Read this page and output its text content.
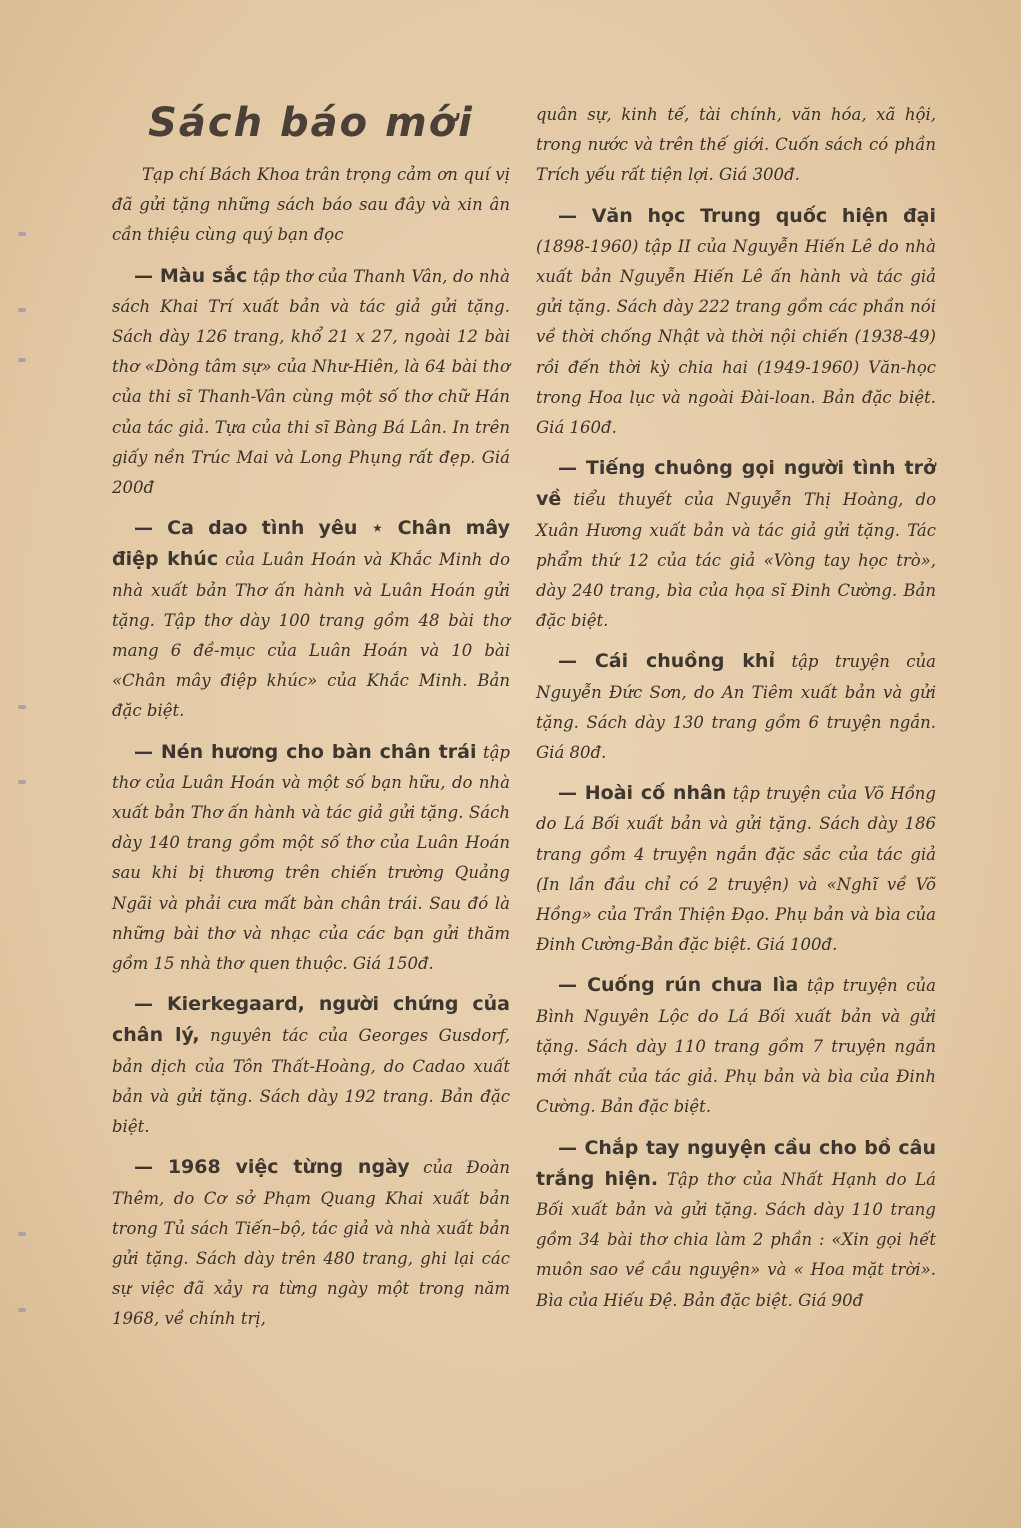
Sách báo mới

Tạp chí Bách Khoa trân trọng cảm ơn quí vị đã gửi tặng những sách báo sau đây và xin ân cần thiệu cùng quý bạn đọc

— Màu sắc tập thơ của Thanh Vân, do nhà sách Khai Trí xuất bản và tác giả gửi tặng. Sách dày 126 trang, khổ 21 x 27, ngoài 12 bài thơ «Dòng tâm sự» của Như-Hiên, là 64 bài thơ của thi sĩ Thanh-Vân cùng một số thơ chữ Hán của tác giả. Tựa của thi sĩ Bàng Bá Lân. In trên giấy nền Trúc Mai và Long Phụng rất đẹp. Giá 200đ

— Ca dao tình yêu ⋆ Chân mây điệp khúc của Luân Hoán và Khắc Minh do nhà xuất bản Thơ ấn hành và Luân Hoán gửi tặng. Tập thơ dày 100 trang gồm 48 bài thơ mang 6 đề-mục của Luân Hoán và 10 bài «Chân mây điệp khúc» của Khắc Minh. Bản đặc biệt.

— Nén hương cho bàn chân trái tập thơ của Luân Hoán và một số bạn hữu, do nhà xuất bản Thơ ấn hành và tác giả gửi tặng. Sách dày 140 trang gồm một số thơ của Luân Hoán sau khi bị thương trên chiến trường Quảng Ngãi và phải cưa mất bàn chân trái. Sau đó là những bài thơ và nhạc của các bạn gửi thăm gồm 15 nhà thơ quen thuộc. Giá 150đ.

— Kierkegaard, người chứng của chân lý, nguyên tác của Georges Gusdorf, bản dịch của Tôn Thất-Hoàng, do Cadao xuất bản và gửi tặng. Sách dày 192 trang. Bản đặc biệt.

— 1968 việc từng ngày của Đoàn Thêm, do Cơ sở Phạm Quang Khai xuất bản trong Tủ sách Tiến–bộ, tác giả và nhà xuất bản gửi tặng. Sách dày trên 480 trang, ghi lại các sự việc đã xảy ra từng ngày một trong năm 1968, về chính trị,

quân sự, kinh tế, tài chính, văn hóa, xã hội, trong nước và trên thế giới. Cuốn sách có phần Trích yếu rất tiện lợi. Giá 300đ.

— Văn học Trung quốc hiện đại (1898-1960) tập II của Nguyễn Hiến Lê do nhà xuất bản Nguyễn Hiến Lê ấn hành và tác giả gửi tặng. Sách dày 222 trang gồm các phần nói về thời chống Nhật và thời nội chiến (1938-49) rồi đến thời kỳ chia hai (1949-1960) Văn-học trong Hoa lục và ngoài Đài-loan. Bản đặc biệt. Giá 160đ.

— Tiếng chuông gọi người tình trở về tiểu thuyết của Nguyễn Thị Hoàng, do Xuân Hương xuất bản và tác giả gửi tặng. Tác phẩm thứ 12 của tác giả «Vòng tay học trò», dày 240 trang, bìa của họa sĩ Đinh Cường. Bản đặc biệt.

— Cái chuồng khỉ tập truyện của Nguyễn Đức Sơn, do An Tiêm xuất bản và gửi tặng. Sách dày 130 trang gồm 6 truyện ngắn. Giá 80đ.

— Hoài cố nhân tập truyện của Võ Hồng do Lá Bối xuất bản và gửi tặng. Sách dày 186 trang gồm 4 truyện ngắn đặc sắc của tác giả (In lần đầu chỉ có 2 truyện) và «Nghĩ về Võ Hồng» của Trần Thiện Đạo. Phụ bản và bìa của Đinh Cường-Bản đặc biệt. Giá 100đ.

— Cuống rún chưa lìa tập truyện của Bình Nguyên Lộc do Lá Bối xuất bản và gửi tặng. Sách dày 110 trang gồm 7 truyện ngắn mới nhất của tác giả. Phụ bản và bìa của Đinh Cường. Bản đặc biệt.

— Chắp tay nguyện cầu cho bồ câu trắng hiện. Tập thơ của Nhất Hạnh do Lá Bối xuất bản và gửi tặng. Sách dày 110 trang gồm 34 bài thơ chia làm 2 phần : «Xin gọi hết muôn sao về cầu nguyện» và « Hoa mặt trời». Bìa của Hiếu Đệ. Bản đặc biệt. Giá 90đ
